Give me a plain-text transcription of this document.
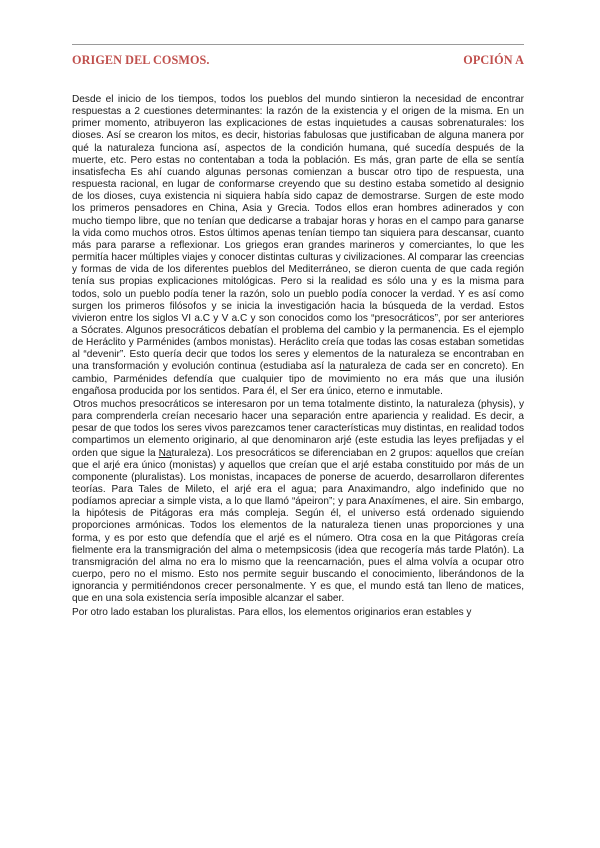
ORIGEN DEL COSMOS.	OPCIÓN A

Desde el inicio de los tiempos, todos los pueblos del mundo sintieron la necesidad de encontrar respuestas a 2 cuestiones determinantes: la razón de la existencia y el origen de la misma. En un primer momento, atribuyeron las explicaciones de estas inquietudes a causas sobrenaturales: los dioses. Así se crearon los mitos, es decir, historias fabulosas que justificaban de alguna manera por qué la naturaleza funciona así, aspectos de la condición humana, qué sucedía después de la muerte, etc. Pero estas no contentaban a toda la población. Es más, gran parte de ella se sentía insatisfecha Es ahí cuando algunas personas comienzan a buscar otro tipo de respuesta, una respuesta racional, en lugar de conformarse creyendo que su destino estaba sometido al designio de los dioses, cuya existencia ni siquiera había sido capaz de demostrarse. Surgen de este modo los primeros pensadores en China, Asia y Grecia. Todos ellos eran hombres adinerados y con mucho tiempo libre, que no tenían que dedicarse a trabajar horas y horas en el campo para ganarse la vida como muchos otros. Estos últimos apenas tenían tiempo tan siquiera para descansar, cuanto más para pararse a reflexionar. Los griegos eran grandes marineros y comerciantes, lo que les permitía hacer múltiples viajes y conocer distintas culturas y civilizaciones. Al comparar las creencias y formas de vida de los diferentes pueblos del Mediterráneo, se dieron cuenta de que cada región tenía sus propias explicaciones mitológicas. Pero si la realidad es sólo una y es la misma para todos, solo un pueblo podía tener la razón, solo un pueblo podía conocer la verdad. Y es así como surgen los primeros filósofos y se inicia la investigación hacia la búsqueda de la verdad. Estos vivieron entre los siglos VI a.C y V a.C y son conocidos como los “presocráticos”, por ser anteriores a Sócrates. Algunos presocráticos debatían el problema del cambio y la permanencia. Es el ejemplo de Heráclito y Parménides (ambos monistas). Heráclito creía que todas las cosas estaban sometidas al “devenir”. Esto quería decir que todos los seres y elementos de la naturaleza se encontraban en una transformación y evolución continua (estudiaba así la naturaleza de cada ser en concreto). En cambio, Parménides defendía que cualquier tipo de movimiento no era más que una ilusión engañosa producida por los sentidos. Para él, el Ser era único, eterno e inmutable.

Otros muchos presocráticos se interesaron por un tema totalmente distinto, la naturaleza (physis), y para comprenderla creían necesario hacer una separación entre apariencia y realidad. Es decir, a pesar de que todos los seres vivos parezcamos tener características muy distintas, en realidad todos compartimos un elemento originario, al que denominaron arjé (este estudia las leyes prefijadas y el orden que sigue la Naturaleza). Los presocráticos se diferenciaban en 2 grupos: aquellos que creían que el arjé era único (monistas) y aquellos que creían que el arjé estaba constituido por más de un componente (pluralistas). Los monistas, incapaces de ponerse de acuerdo, desarrollaron diferentes teorías. Para Tales de Mileto, el arjé era el agua; para Anaximandro, algo indefinido que no podíamos apreciar a simple vista, a lo que llamó “ápeiron”; y para Anaxímenes, el aire. Sin embargo, la hipótesis de Pitágoras era más compleja. Según él, el universo está ordenado siguiendo proporciones armónicas. Todos los elementos de la naturaleza tienen unas proporciones y una forma, y es por esto que defendía que el arjé es el número. Otra cosa en la que Pitágoras creía fielmente era la transmigración del alma o metempsicosis (idea que recogería más tarde Platón). La transmigración del alma no era lo mismo que la reencarnación, pues el alma volvía a ocupar otro cuerpo, pero no el mismo. Esto nos permite seguir buscando el conocimiento, liberándonos de la ignorancia y permitiéndonos crecer personalmente. Y es que, el mundo está tan lleno de matices, que en una sola existencia sería imposible alcanzar el saber.

Por otro lado estaban los pluralistas. Para ellos, los elementos originarios eran estables y
